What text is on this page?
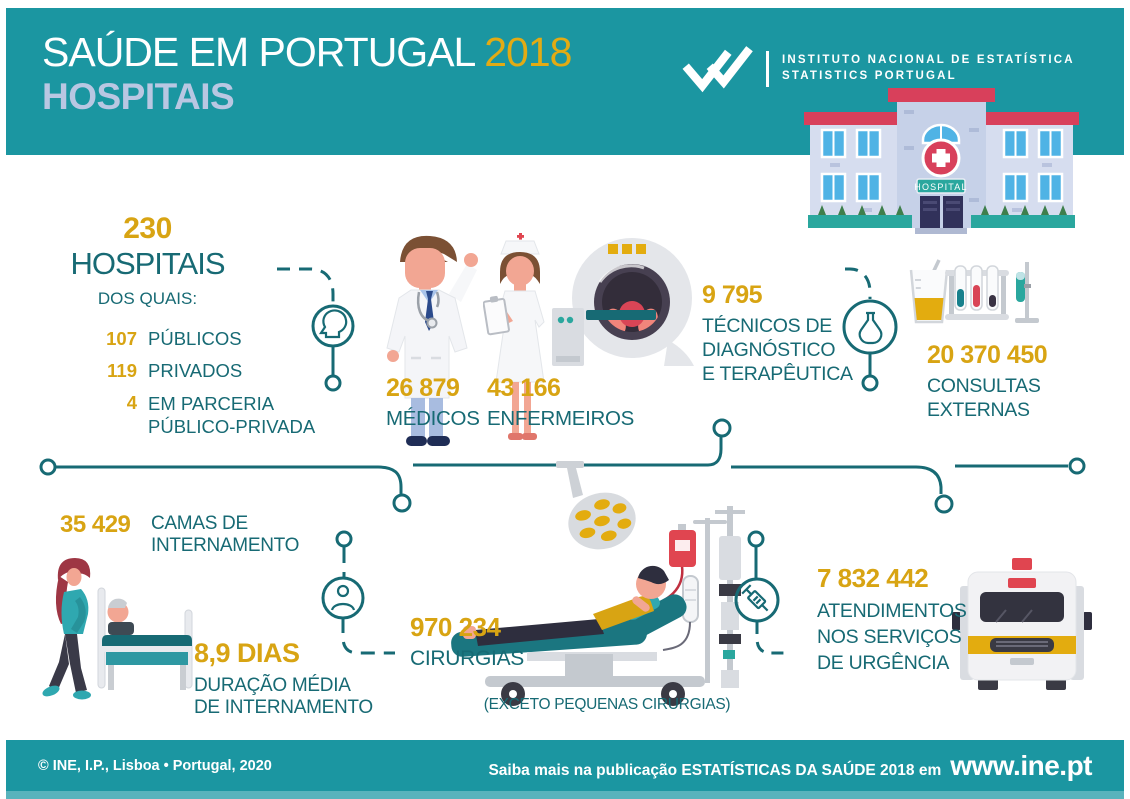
SAÚDE EM PORTUGAL 2018
HOSPITAIS
INSTITUTO NACIONAL DE ESTATÍSTICA
STATISTICS PORTUGAL
HOSPITAL
230
HOSPITAIS
DOS QUAIS:
107 PÚBLICOS
119 PRIVADOS
4 EM PARCERIA
PÚBLICO-PRIVADA
26 879
MÉDICOS
43 166
ENFERMEIROS
9 795
TÉCNICOS DE
DIAGNÓSTICO
E TERAPÊUTICA
20 370 450
CONSULTAS
EXTERNAS
35 429 CAMAS DE
INTERNAMENTO
8,9 DIAS
DURAÇÃO MÉDIA
DE INTERNAMENTO
970 234
CIRURGIAS
(EXCETO PEQUENAS CIRURGIAS)
7 832 442
ATENDIMENTOS
NOS SERVIÇOS
DE URGÊNCIA
© INE, I.P., Lisboa • Portugal, 2020	Saiba mais na publicação ESTATÍSTICAS DA SAÚDE 2018 em www.ine.pt
